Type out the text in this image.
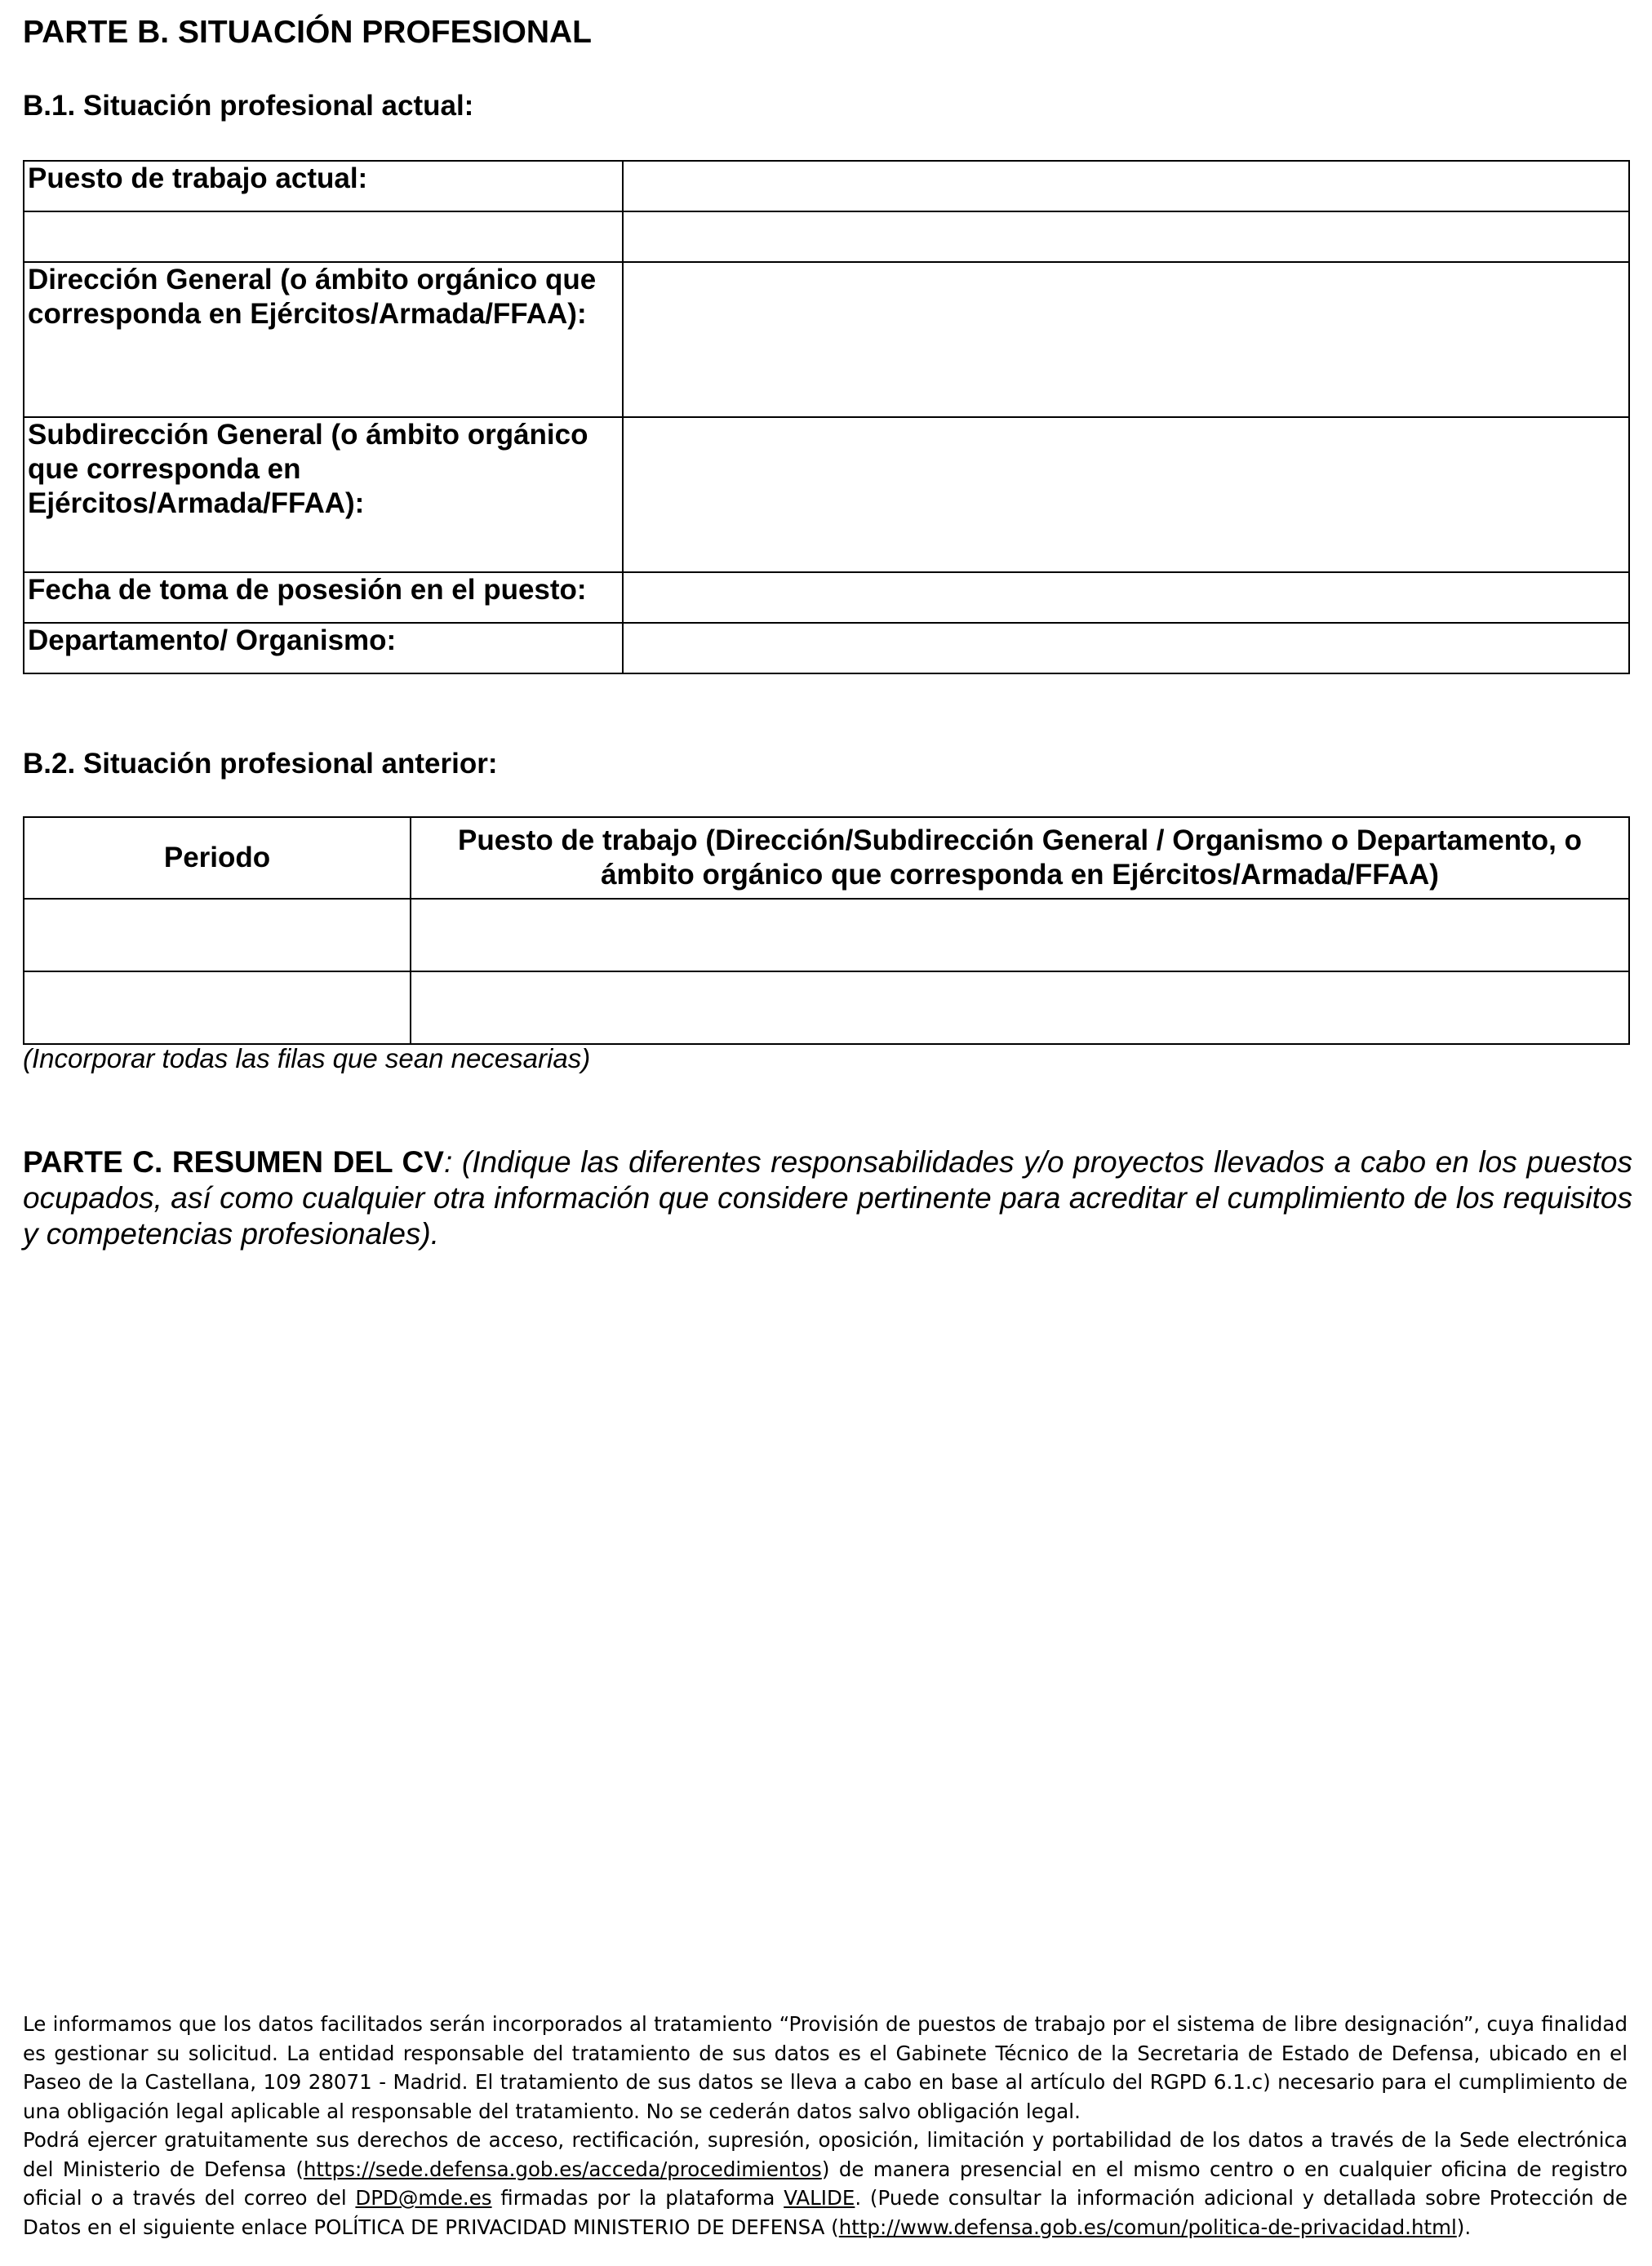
PARTE B. SITUACIÓN PROFESIONAL
B.1. Situación profesional actual:
Puesto de trabajo actual:	

Dirección General (o ámbito orgánico que corresponda en Ejércitos/Armada/FFAA):	
Subdirección General (o ámbito orgánico que corresponda en Ejércitos/Armada/FFAA):	
Fecha de toma de posesión en el puesto:	
Departamento/ Organismo:	
B.2. Situación profesional anterior:
Periodo	Puesto de trabajo (Dirección/Subdirección General / Organismo o Departamento, o ámbito orgánico que corresponda en Ejércitos/Armada/FFAA)

(Incorporar todas las filas que sean necesarias)
PARTE C. RESUMEN DEL CV: (Indique las diferentes responsabilidades y/o proyectos llevados a cabo en los puestos ocupados, así como cualquier otra información que considere pertinente para acreditar el cumplimiento de los requisitos y competencias profesionales).

Le informamos que los datos facilitados serán incorporados al tratamiento “Provisión de puestos de trabajo por el sistema de libre designación”, cuya finalidad es gestionar su solicitud. La entidad responsable del tratamiento de sus datos es el Gabinete Técnico de la Secretaria de Estado de Defensa, ubicado en el Paseo de la Castellana, 109 28071 - Madrid. El tratamiento de sus datos se lleva a cabo en base al artículo del RGPD 6.1.c) necesario para el cumplimiento de una obligación legal aplicable al responsable del tratamiento. No se cederán datos salvo obligación legal.

Podrá ejercer gratuitamente sus derechos de acceso, rectificación, supresión, oposición, limitación y portabilidad de los datos a través de la Sede electrónica del Ministerio de Defensa (https://sede.defensa.gob.es/acceda/procedimientos) de manera presencial en el mismo centro o en cualquier oficina de registro oficial o a través del correo del DPD@mde.es firmadas por la plataforma VALIDE. (Puede consultar la información adicional y detallada sobre Protección de Datos en el siguiente enlace POLÍTICA DE PRIVACIDAD MINISTERIO DE DEFENSA (http://www.defensa.gob.es/comun/politica-de-privacidad.html).
